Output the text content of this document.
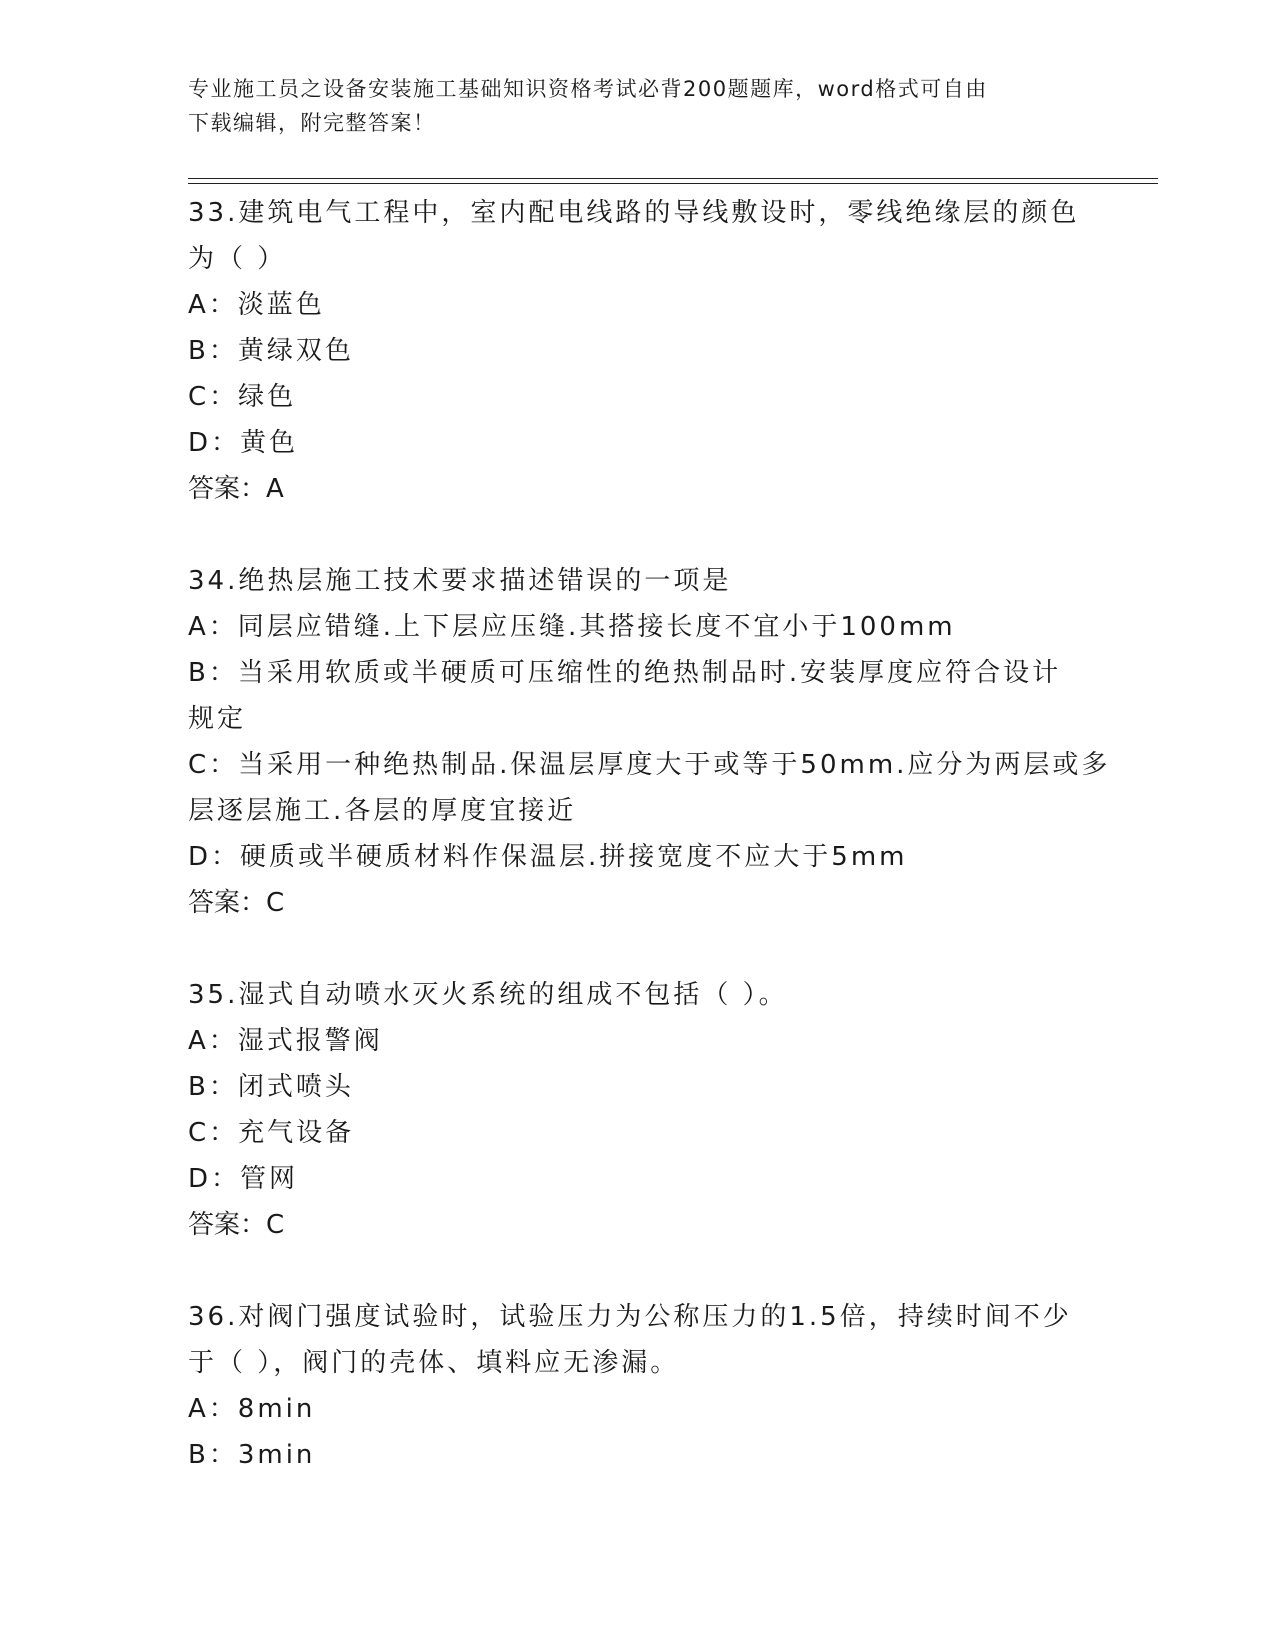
专业施工员之设备安装施工基础知识资格考试必背200题题库，word格式可自由
下载编辑，附完整答案！
33.建筑电气工程中，室内配电线路的导线敷设时，零线绝缘层的颜色
为（ ）
A：淡蓝色
B：黄绿双色
C：绿色
D：黄色
答案：A
34.绝热层施工技术要求描述错误的一项是
A：同层应错缝.上下层应压缝.其搭接长度不宜小于100mm
B：当采用软质或半硬质可压缩性的绝热制品时.安装厚度应符合设计
规定
C：当采用一种绝热制品.保温层厚度大于或等于50mm.应分为两层或多
层逐层施工.各层的厚度宜接近
D：硬质或半硬质材料作保温层.拼接宽度不应大于5mm
答案：C
35.湿式自动喷水灭火系统的组成不包括（ ）。
A：湿式报警阀
B：闭式喷头
C：充气设备
D：管网
答案：C
36.对阀门强度试验时，试验压力为公称压力的1.5倍，持续时间不少
于（ ），阀门的壳体、填料应无渗漏。
A：8min
B：3min
